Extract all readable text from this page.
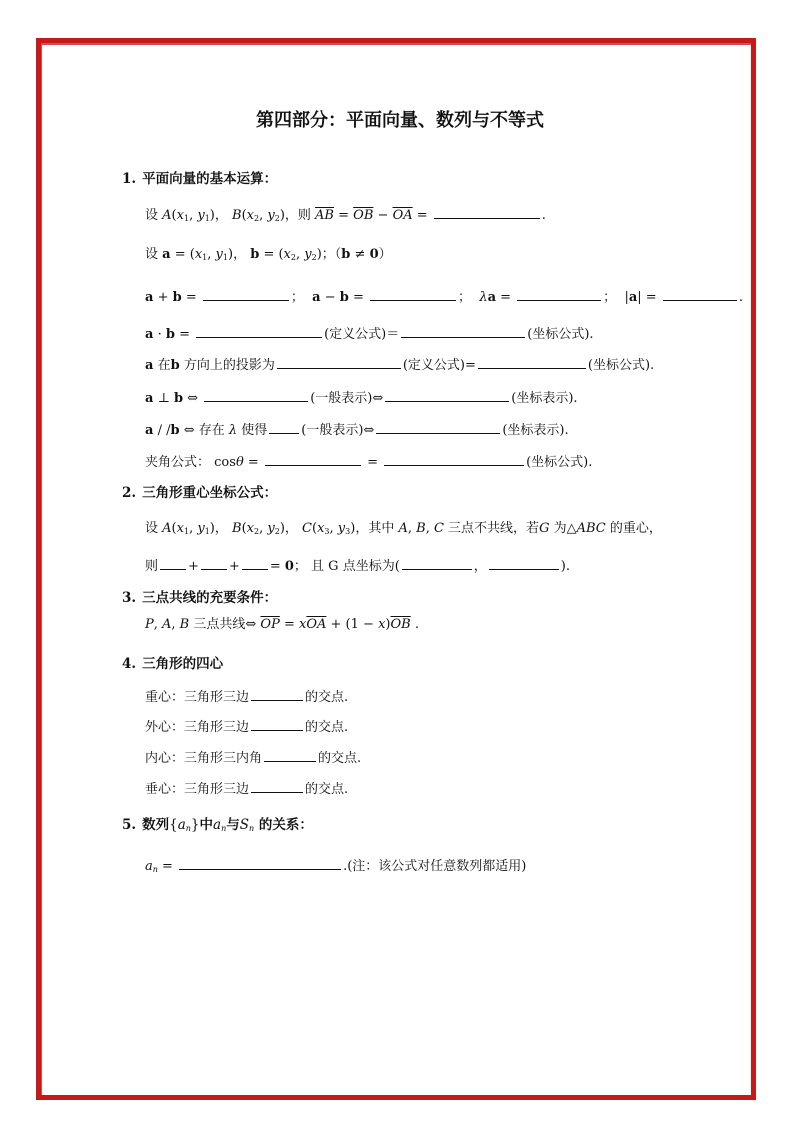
第四部分：平面向量、数列与不等式
1. 平面向量的基本运算：
设 $A(x_1$, $y_1$)， $B(x_2$, $y_2$)，则 $\overline{AB} = \overline{OB} - \overline{OA}$ =	.
设 $a = (x_1$, $y_1$)， $b = (x_2$, $y_2$)；（b ≠ 0）
a + b =	； a − b =	； λa =	；  |a| =	.
a · b =	(定义公式)＝	(坐标公式).
a 在b 方向上的投影为	(定义公式)=	(坐标公式).
a ⊥ b ⇔	(一般表示)⇔	(坐标表示).
a / /b ⇔ 存在 λ 使得	(一般表示)⇔	(坐标表示).
夹角公式： cosθ =	=	(坐标公式).
2. 三角形重心坐标公式：
设 $A(x_1$, $y_1$)， $B(x_2$, $y_2$)， $C(x_3$, $y_3$)，其中 A, B, C 三点不共线，若G 为△ABC 的重心，
则 + + = 0； 且 G 点坐标为(	，	).
3. 三点共线的充要条件：
P, A, B 三点共线⇔ $\overline{OP} = x\overline{OA} + (1 - x)\overline{OB}$ .
4. 三角形的四心
重心：三角形三边	的交点.
外心：三角形三边	的交点.
内心：三角形三内角	的交点.
垂心：三角形三边	的交点.
5. 数列$\{a_n\}$中$a_n$与$S_n$ 的关系：
$a_n$ =	.(注：该公式对任意数列都适用)
